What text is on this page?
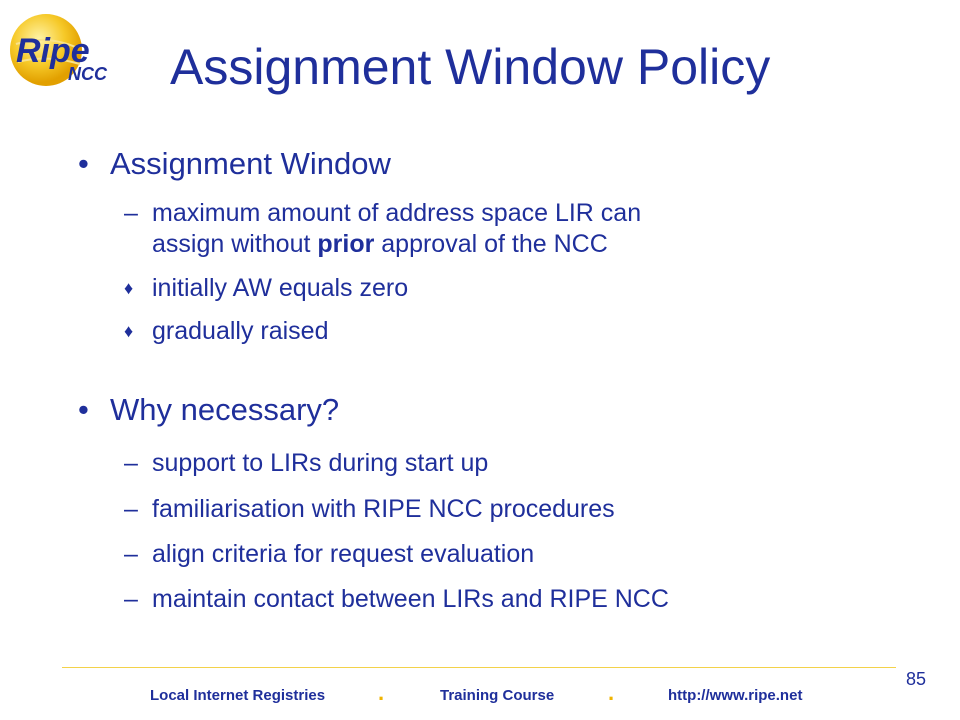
Ripe
NCC Assignment Window Policy
• Assignment Window
– maximum amount of address space LIR can
assign without prior approval of the NCC
♦ initially AW equals zero
♦ gradually raised
• Why necessary?
– support to LIRs during start up
– familiarisation with RIPE NCC procedures
– align criteria for request evaluation
– maintain contact between LIRs and RIPE NCC
Local Internet Registries .	Training Course .	http://www.ripe.net
85
